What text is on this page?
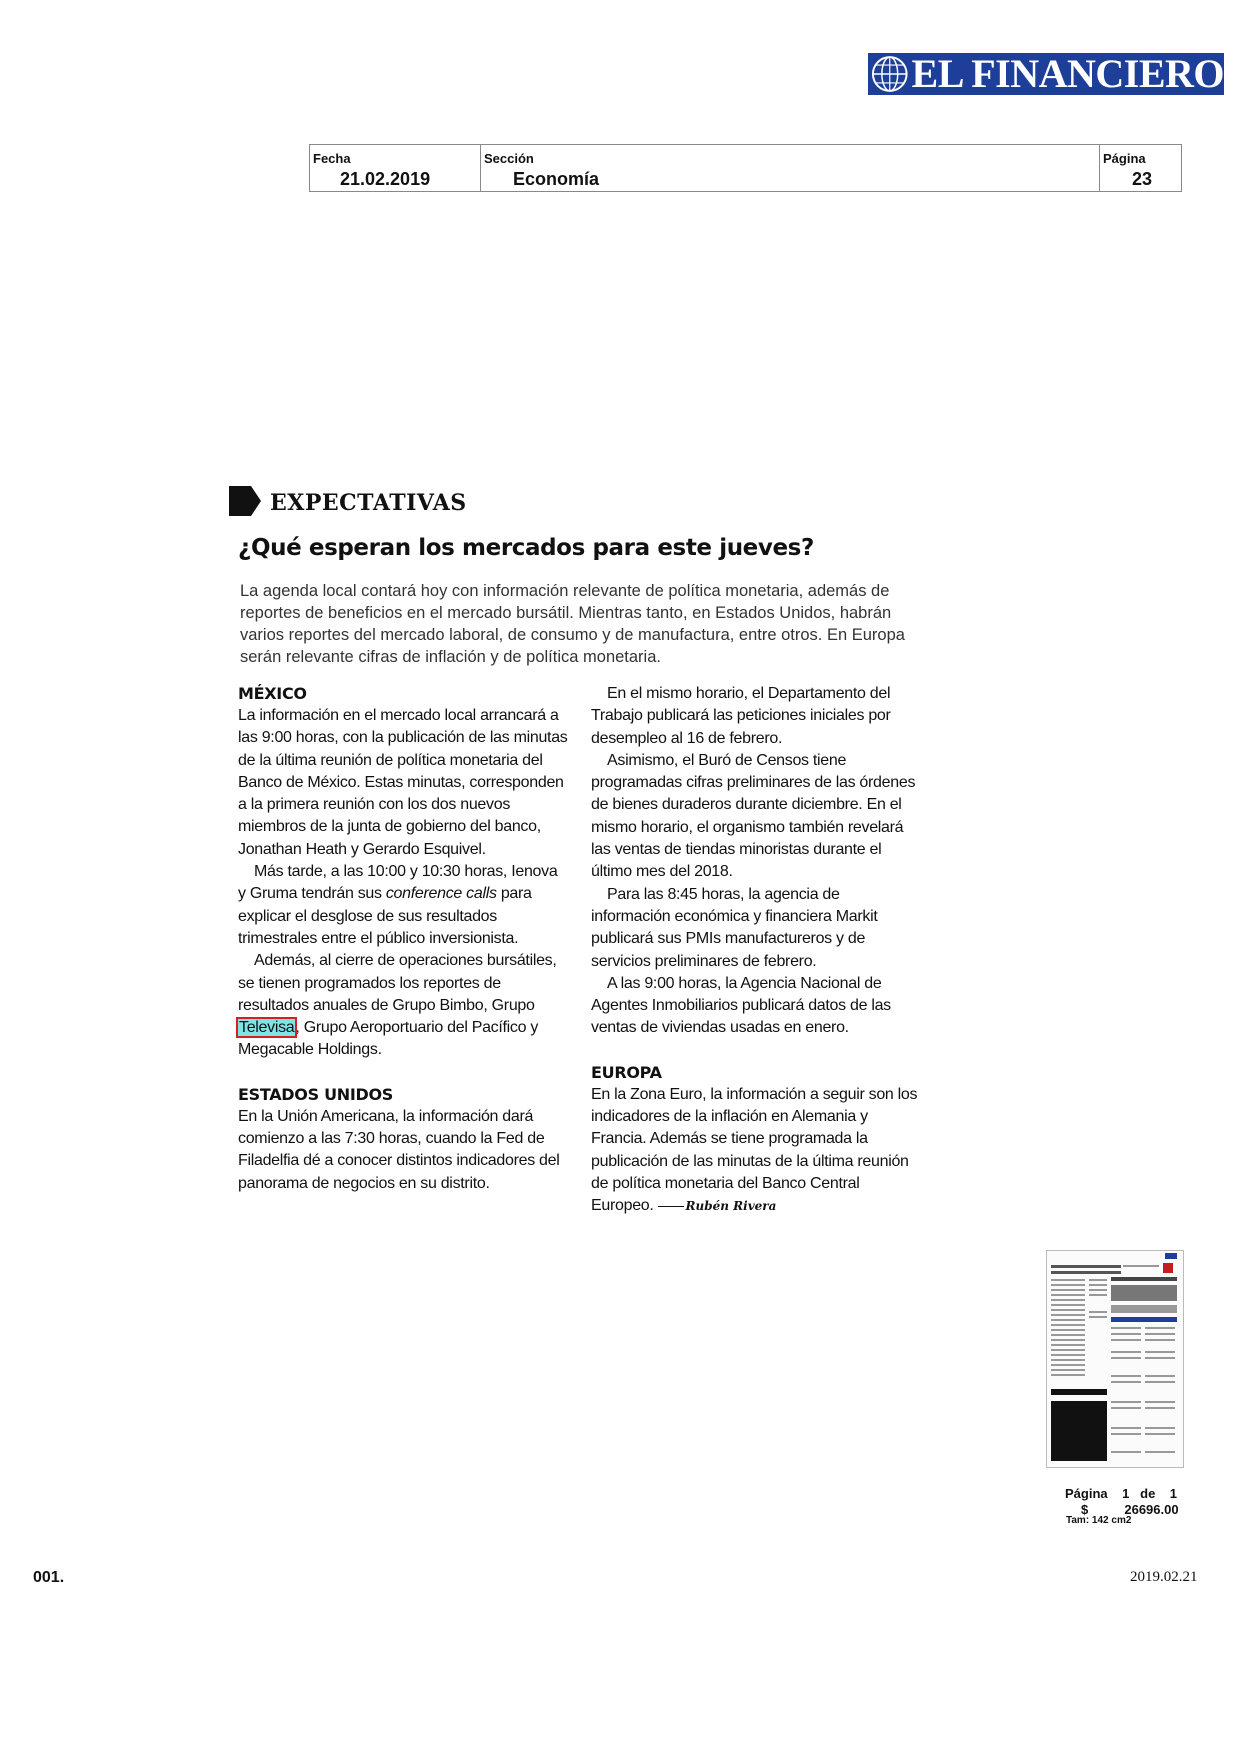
EL FINANCIERO
Fecha
21.02.2019
Sección
Economía
Página
23
EXPECTATIVAS
¿Qué esperan los mercados para este jueves?

La agenda local contará hoy con información relevante de política monetaria, además de reportes de beneficios en el mercado bursátil. Mientras tanto, en Estados Unidos, habrán varios reportes del mercado laboral, de consumo y de manufactura, entre otros. En Europa serán relevante cifras de inflación y de política monetaria.

MÉXICO

La información en el mercado local arrancará a las 9:00 horas, con la publicación de las minutas de la última reunión de política monetaria del Banco de México. Estas minutas, corresponden a la primera reunión con los dos nuevos miembros de la junta de gobierno del banco, Jonathan Heath y Gerardo Esquivel.

Más tarde, a las 10:00 y 10:30 horas, Ienova y Gruma tendrán sus conference calls para explicar el desglose de sus resultados trimestrales entre el público inversionista.

Además, al cierre de operaciones bursátiles, se tienen programados los reportes de resultados anuales de Grupo Bimbo, Grupo Televisa, Grupo Aeroportuario del Pacífico y Megacable Holdings.

ESTADOS UNIDOS

En la Unión Americana, la información dará comienzo a las 7:30 horas, cuando la Fed de Filadelfia dé a conocer distintos indicadores del panorama de negocios en su distrito.

En el mismo horario, el Departamento del Trabajo publicará las peticiones iniciales por desempleo al 16 de febrero.

Asimismo, el Buró de Censos tiene programadas cifras preliminares de las órdenes de bienes duraderos durante diciembre. En el mismo horario, el organismo también revelará las ventas de tiendas minoristas durante el último mes del 2018.

Para las 8:45 horas, la agencia de información económica y financiera Markit publicará sus PMIs manufactureros y de servicios preliminares de febrero.

A las 9:00 horas, la Agencia Nacional de Agentes Inmobiliarios publicará datos de las ventas de viviendas usadas en enero.

EUROPA

En la Zona Euro, la información a seguir son los indicadores de la inflación en Alemania y Francia. Además se tiene programada la publicación de las minutas de la última reunión de política monetaria del Banco Central Europeo.	Rubén Rivera

Página 1 de 1
$	26696.00
Tam: 142 cm2
001.	2019.02.21
